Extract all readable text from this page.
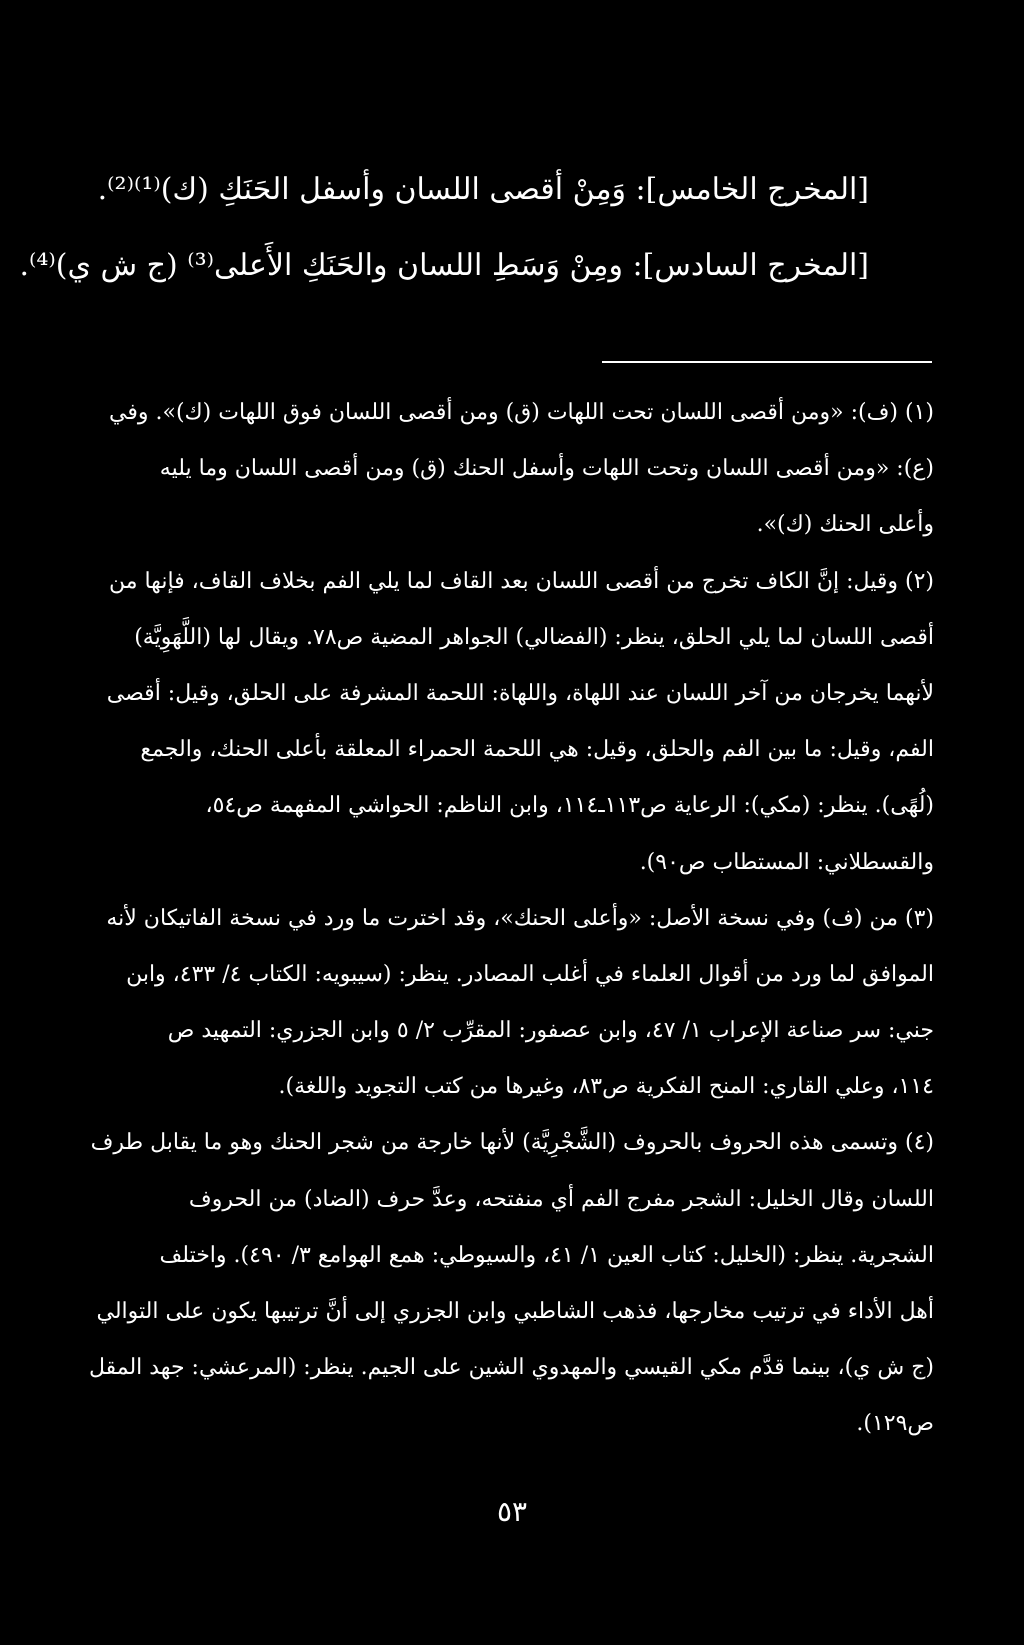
[المخرج الخامس]: وَمِنْ أقصى اللسان وأسفل الحَنَكِ (ك)⁽¹⁾⁽²⁾.

[المخرج السادس]: ومِنْ وَسَطِ اللسان والحَنَكِ الأَعلى⁽³⁾ (ج ش ي)⁽⁴⁾.

(١) (ف): «ومن أقصى اللسان تحت اللهات (ق) ومن أقصى اللسان فوق اللهات (ك)». وفي
(ع): «ومن أقصى اللسان وتحت اللهات وأسفل الحنك (ق) ومن أقصى اللسان وما يليه
وأعلى الحنك (ك)».
(٢) وقيل: إنَّ الكاف تخرج من أقصى اللسان بعد القاف لما يلي الفم بخلاف القاف، فإنها من
أقصى اللسان لما يلي الحلق، ينظر: (الفضالي) الجواهر المضية ص٧٨. ويقال لها (اللَّهَوِيَّة)
لأنهما يخرجان من آخر اللسان عند اللهاة، واللهاة: اللحمة المشرفة على الحلق، وقيل: أقصى
الفم، وقيل: ما بين الفم والحلق، وقيل: هي اللحمة الحمراء المعلقة بأعلى الحنك، والجمع
(لُهًى). ينظر: (مكي): الرعاية ص١١٣ـ١١٤، وابن الناظم: الحواشي المفهمة ص٥٤،
والقسطلاني: المستطاب ص٩٠).
(٣) من (ف) وفي نسخة الأصل: «وأعلى الحنك»، وقد اخترت ما ورد في نسخة الفاتيكان لأنه
الموافق لما ورد من أقوال العلماء في أغلب المصادر. ينظر: (سيبويه: الكتاب ٤/ ٤٣٣، وابن
جني: سر صناعة الإعراب ١/ ٤٧، وابن عصفور: المقرِّب ٢/ ٥ وابن الجزري: التمهيد ص
١١٤، وعلي القاري: المنح الفكرية ص٨٣، وغيرها من كتب التجويد واللغة).
(٤) وتسمى هذه الحروف بالحروف (الشَّجْرِيَّة) لأنها خارجة من شجر الحنك وهو ما يقابل طرف
اللسان وقال الخليل: الشجر مفرج الفم أي منفتحه، وعدَّ حرف (الضاد) من الحروف
الشجرية. ينظر: (الخليل: كتاب العين ١/ ٤١، والسيوطي: همع الهوامع ٣/ ٤٩٠). واختلف
أهل الأداء في ترتيب مخارجها، فذهب الشاطبي وابن الجزري إلى أنَّ ترتيبها يكون على التوالي
(ج ش ي)، بينما قدَّم مكي القيسي والمهدوي الشين على الجيم. ينظر: (المرعشي: جهد المقل
ص١٢٩).
٥٣
